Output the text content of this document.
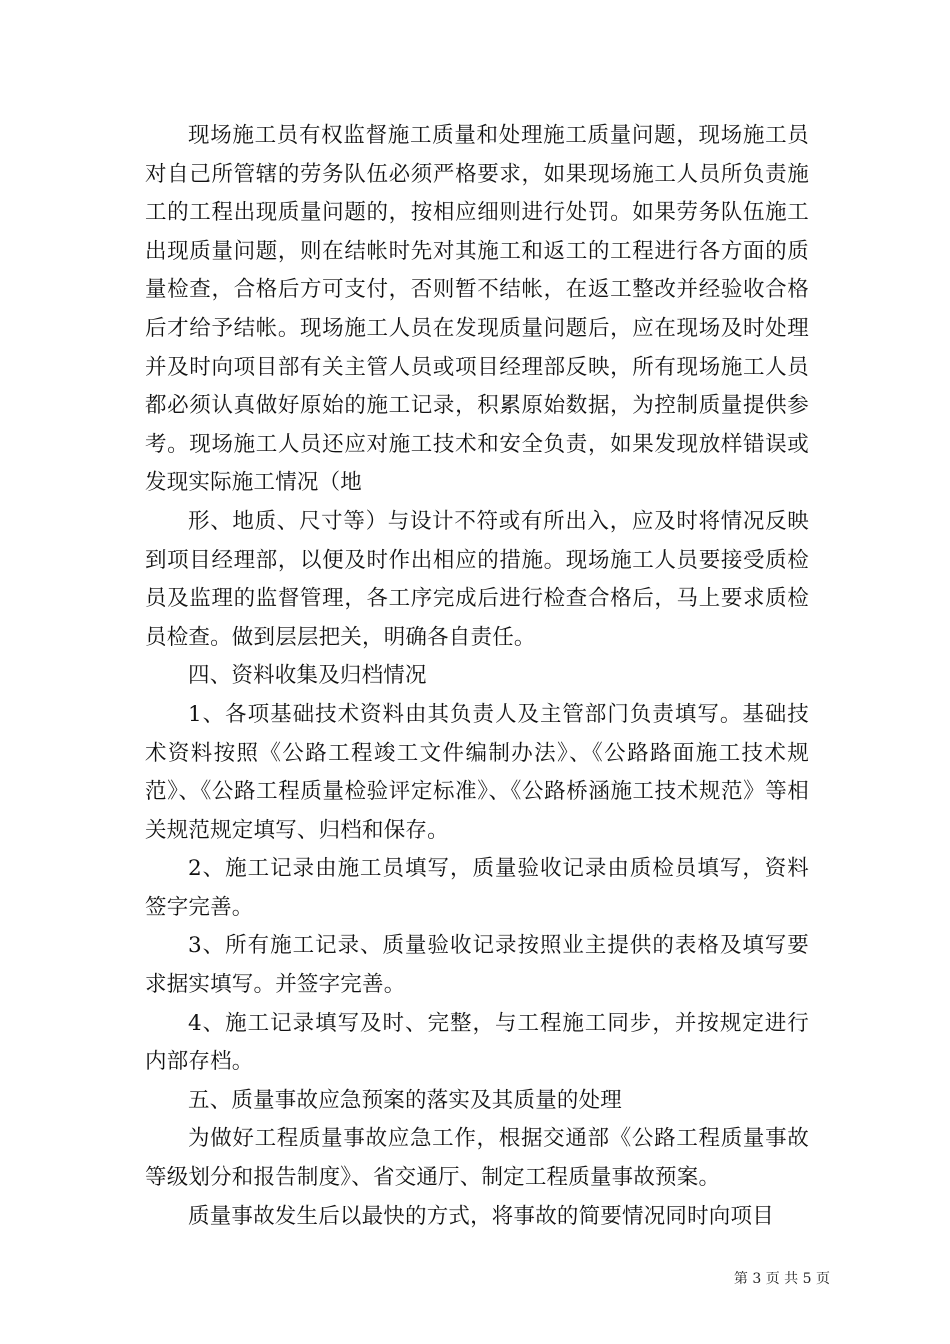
现场施工员有权监督施工质量和处理施工质量问题，现场施工员对自己所管辖的劳务队伍必须严格要求，如果现场施工人员所负责施工的工程出现质量问题的，按相应细则进行处罚。如果劳务队伍施工出现质量问题，则在结帐时先对其施工和返工的工程进行各方面的质量检查，合格后方可支付，否则暂不结帐，在返工整改并经验收合格后才给予结帐。现场施工人员在发现质量问题后，应在现场及时处理并及时向项目部有关主管人员或项目经理部反映，所有现场施工人员都必须认真做好原始的施工记录，积累原始数据，为控制质量提供参考。现场施工人员还应对施工技术和安全负责，如果发现放样错误或发现实际施工情况（地

形、地质、尺寸等）与设计不符或有所出入，应及时将情况反映到项目经理部，以便及时作出相应的措施。现场施工人员要接受质检员及监理的监督管理，各工序完成后进行检查合格后，马上要求质检员检查。做到层层把关，明确各自责任。

四、资料收集及归档情况

1、各项基础技术资料由其负责人及主管部门负责填写。基础技术资料按照《公路工程竣工文件编制办法》、《公路路面施工技术规范》、《公路工程质量检验评定标准》、《公路桥涵施工技术规范》等相关规范规定填写、归档和保存。

2、施工记录由施工员填写，质量验收记录由质检员填写，资料签字完善。

3、所有施工记录、质量验收记录按照业主提供的表格及填写要求据实填写。并签字完善。

4、施工记录填写及时、完整，与工程施工同步，并按规定进行内部存档。

五、质量事故应急预案的落实及其质量的处理

为做好工程质量事故应急工作，根据交通部《公路工程质量事故等级划分和报告制度》、省交通厅、制定工程质量事故预案。

质量事故发生后以最快的方式，将事故的简要情况同时向项目

第 3 页 共 5 页
